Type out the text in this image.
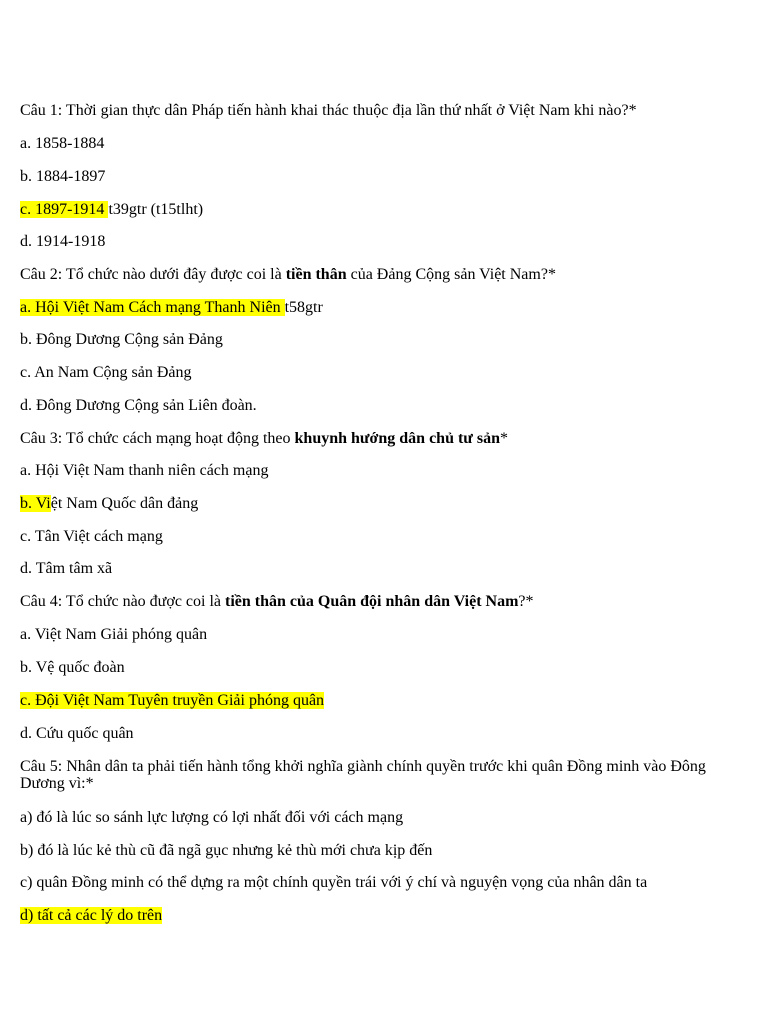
Câu 1: Thời gian thực dân Pháp tiến hành khai thác thuộc địa lần thứ nhất ở Việt Nam khi nào?*
a. 1858-1884
b. 1884-1897
c. 1897-1914 t39gtr (t15tlht)
d. 1914-1918
Câu 2: Tổ chức nào dưới đây được coi là tiền thân của Đảng Cộng sản Việt Nam?*
a. Hội Việt Nam Cách mạng Thanh Niên t58gtr
b. Đông Dương Cộng sản Đảng
c. An Nam Cộng sản Đảng
d. Đông Dương Cộng sản Liên đoàn.
Câu 3: Tổ chức cách mạng hoạt động theo khuynh hướng dân chủ tư sản*
a. Hội Việt Nam thanh niên cách mạng
b. Việt Nam Quốc dân đảng
c. Tân Việt cách mạng
d. Tâm tâm xã
Câu 4: Tổ chức nào được coi là tiền thân của Quân đội nhân dân Việt Nam?*
a. Việt Nam Giải phóng quân
b. Vệ quốc đoàn
c. Đội Việt Nam Tuyên truyền Giải phóng quân
d. Cứu quốc quân
Câu 5: Nhân dân ta phải tiến hành tổng khởi nghĩa giành chính quyền trước khi quân Đồng minh vào Đông Dương vì:*
a) đó là lúc so sánh lực lượng có lợi nhất đối với cách mạng
b) đó là lúc kẻ thù cũ đã ngã gục nhưng kẻ thù mới chưa kịp đến
c) quân Đồng minh có thể dựng ra một chính quyền trái với ý chí và nguyện vọng của nhân dân ta
d) tất cả các lý do trên
